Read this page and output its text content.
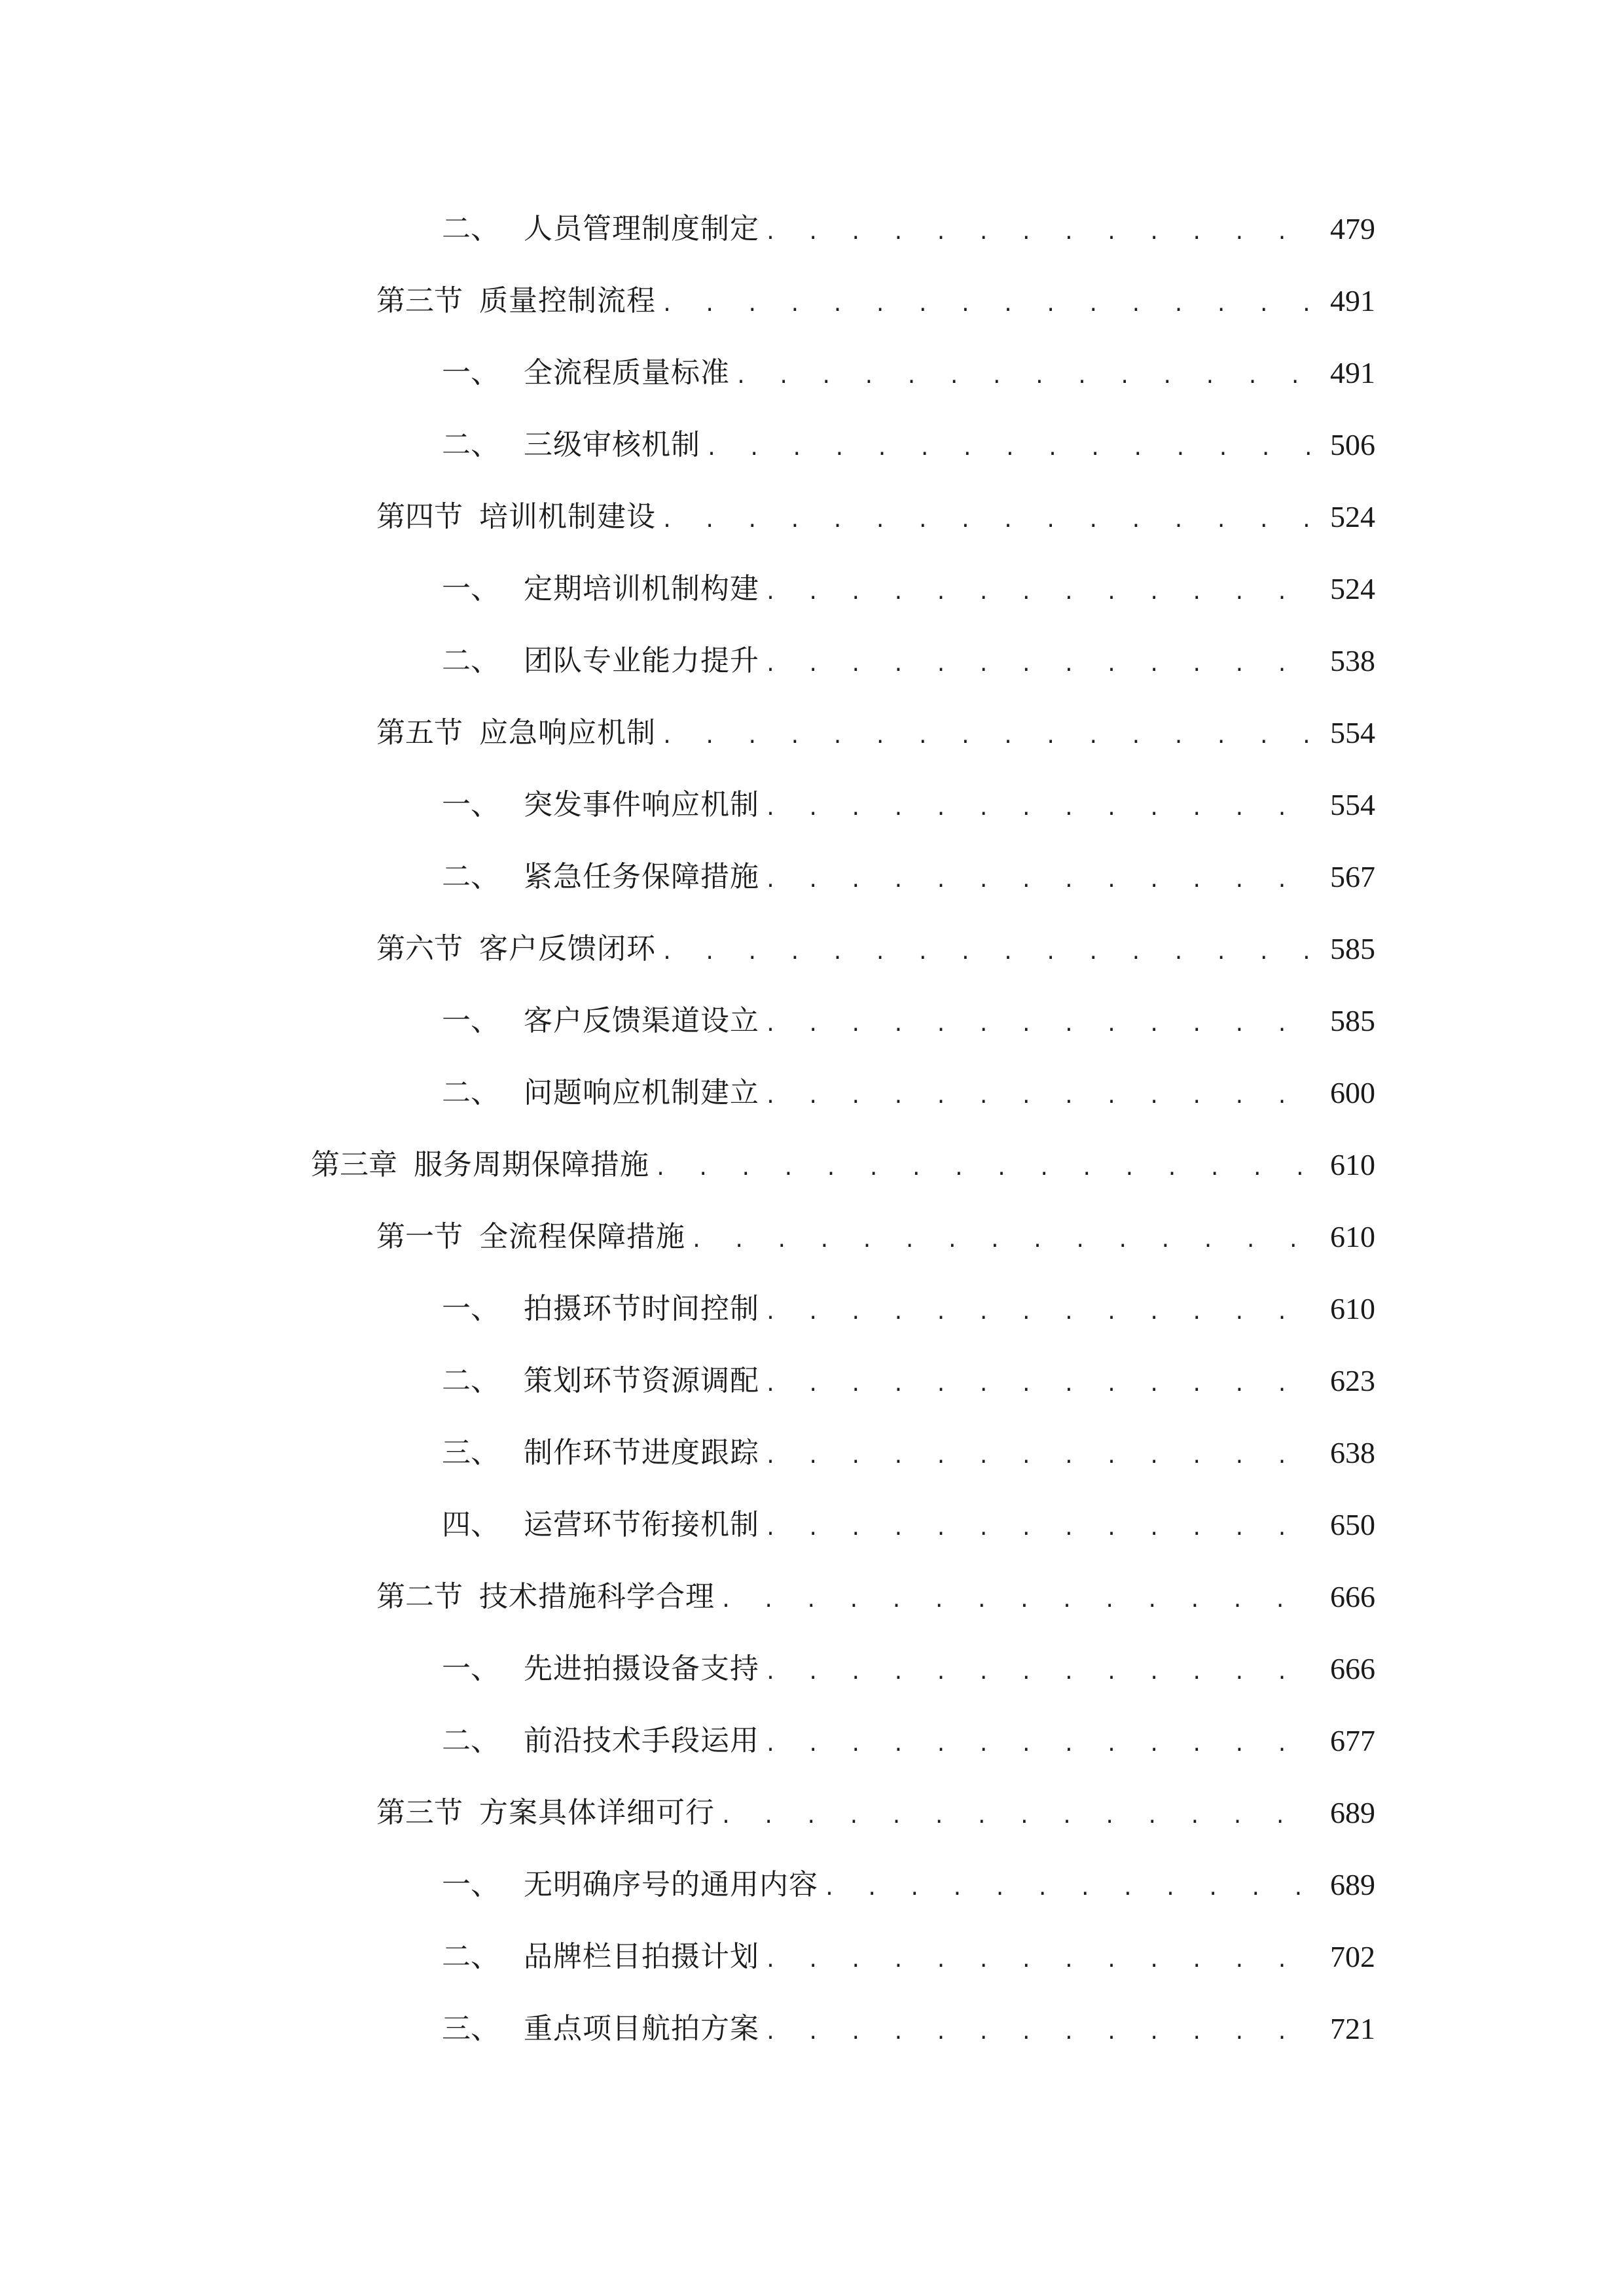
二、 人员管理制度制定 . . .	479
第三节 质量控制流程 . . .	491
一、 全流程质量标准 . . .	491
二、 三级审核机制 . . .	506
第四节 培训机制建设 . . .	524
一、 定期培训机制构建 . . .	524
二、 团队专业能力提升 . . .	538
第五节 应急响应机制 . . .	554
一、 突发事件响应机制 . . .	554
二、 紧急任务保障措施 . . .	567
第六节 客户反馈闭环 . . .	585
一、 客户反馈渠道设立 . . .	585
二、 问题响应机制建立 . . .	600
第三章 服务周期保障措施 . . .	610
第一节 全流程保障措施 . . .	610
一、 拍摄环节时间控制 . . .	610
二、 策划环节资源调配 . . .	623
三、 制作环节进度跟踪 . . .	638
四、 运营环节衔接机制 . . .	650
第二节 技术措施科学合理 . . .	666
一、 先进拍摄设备支持 . . .	666
二、 前沿技术手段运用 . . .	677
第三节 方案具体详细可行 . . .	689
一、 无明确序号的通用内容 . . .	689
二、 品牌栏目拍摄计划 . . .	702
三、 重点项目航拍方案 . . .	721
